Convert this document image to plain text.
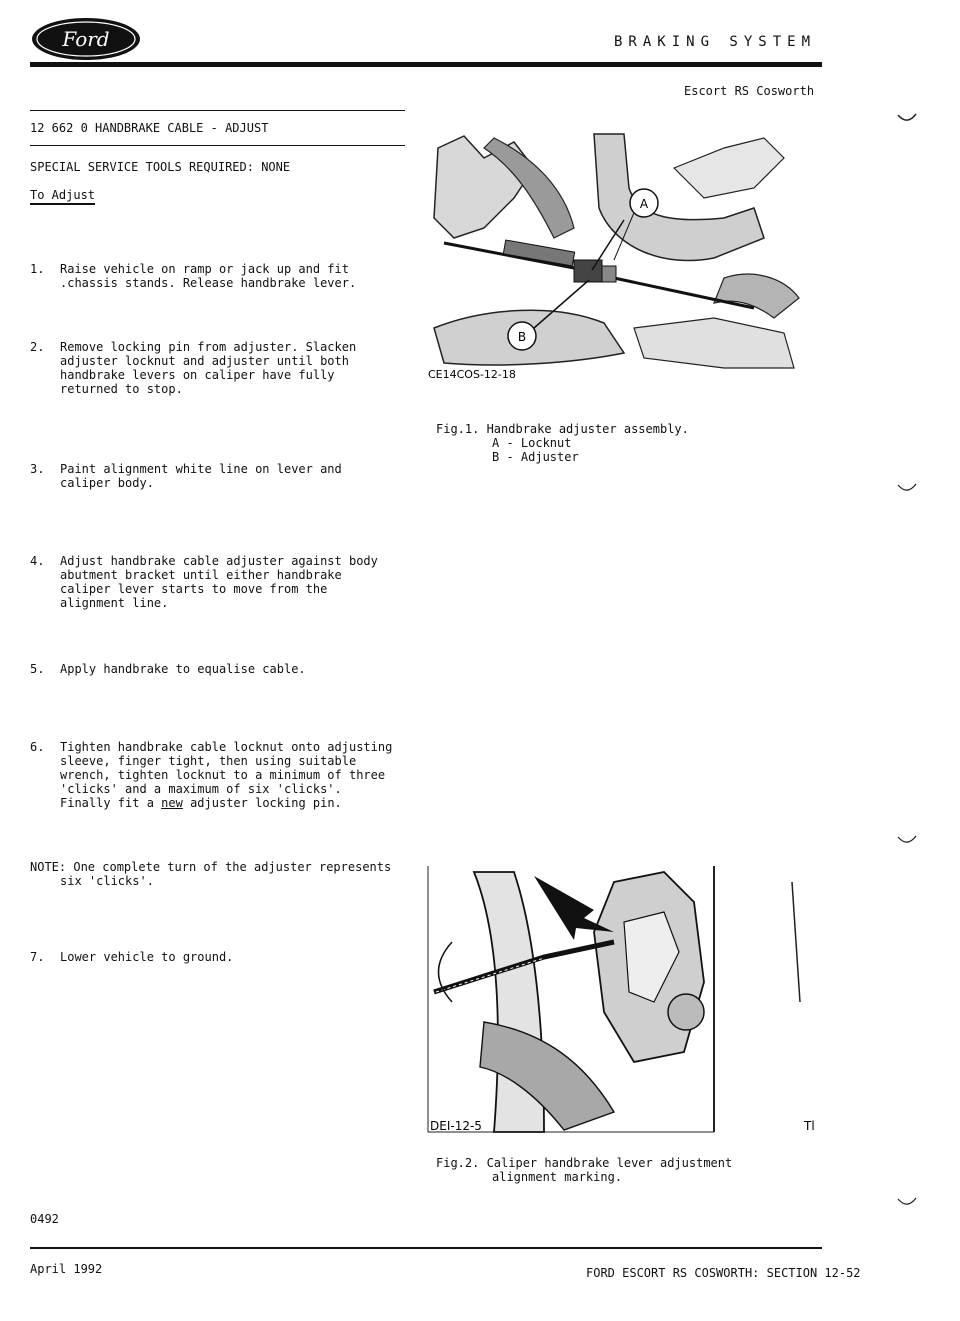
Ford	BRAKING SYSTEM
Escort RS Cosworth
12 662 0 HANDBRAKE CABLE - ADJUST
SPECIAL SERVICE TOOLS REQUIRED: NONE
To Adjust
1. Raise vehicle on ramp or jack up and fit
.chassis stands. Release handbrake lever.
2. Remove locking pin from adjuster. Slacken
adjuster locknut and adjuster until both
handbrake levers on caliper have fully
returned to stop.
3. Paint alignment white line on lever and
caliper body.
4. Adjust handbrake cable adjuster against body
abutment bracket until either handbrake
caliper lever starts to move from the
alignment line.
5. Apply handbrake to equalise cable.
6. Tighten handbrake cable locknut onto adjusting
sleeve, finger tight, then using suitable
wrench, tighten locknut to a minimum of three
'clicks' and a maximum of six 'clicks'.
Finally fit a new adjuster locking pin.
NOTE: One complete turn of the adjuster represents
six 'clicks'.
7. Lower vehicle to ground.
A
B
CE14COS-12-18
Fig.1. Handbrake adjuster assembly.
A - Locknut
B - Adjuster
DEI-12-5	Tl
Fig.2. Caliper handbrake lever adjustment
alignment marking.
0492
April 1992	FORD ESCORT RS COSWORTH: SECTION 12-52
